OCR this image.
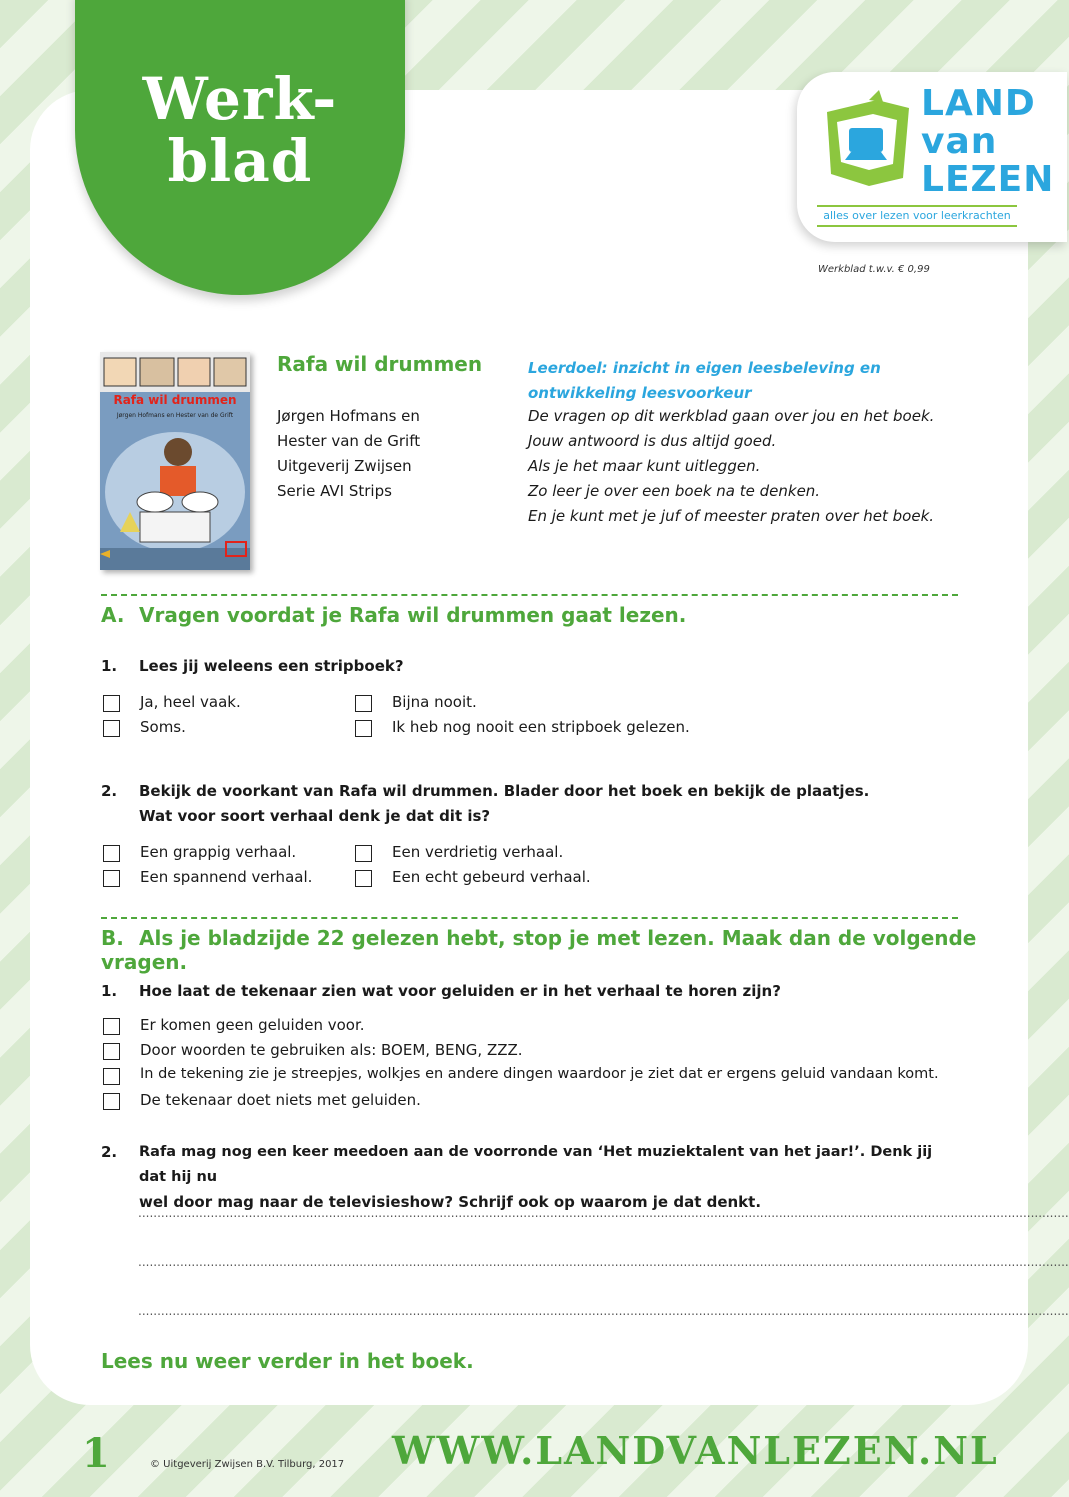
Werk-
blad
LAND
van
LEZEN
alles over lezen voor leerkrachten
Werkblad t.w.v. € 0,99
Rafa wil drummen
Jørgen Hofmans en Hester van de Grift
Rafa wil drummen
Jørgen Hofmans en
Hester van de Grift
Uitgeverij Zwijsen
Serie AVI Strips
Leerdoel: inzicht in eigen leesbeleving en ontwikkeling leesvoorkeur
De vragen op dit werkblad gaan over jou en het boek.
Jouw antwoord is dus altijd goed.
Als je het maar kunt uitleggen.
Zo leer je over een boek na te denken.
En je kunt met je juf of meester praten over het boek.
A. Vragen voordat je Rafa wil drummen gaat lezen.
1. Lees jij weleens een stripboek?
Ja, heel vaak.
Soms.
Bijna nooit.
Ik heb nog nooit een stripboek gelezen.
2. Bekijk de voorkant van Rafa wil drummen. Blader door het boek en bekijk de plaatjes.
Wat voor soort verhaal denk je dat dit is?
Een grappig verhaal.
Een spannend verhaal.
Een verdrietig verhaal.
Een echt gebeurd verhaal.
B. Als je bladzijde 22 gelezen hebt, stop je met lezen. Maak dan de volgende vragen.
1. Hoe laat de tekenaar zien wat voor geluiden er in het verhaal te horen zijn?
Er komen geen geluiden voor.
Door woorden te gebruiken als: BOEM, BENG, ZZZ.
In de tekening zie je streepjes, wolkjes en andere dingen waardoor je ziet dat er ergens geluid vandaan komt.
De tekenaar doet niets met geluiden.
2. Rafa mag nog een keer meedoen aan de voorronde van ‘Het muziektalent van het jaar!’. Denk jij dat hij nu
wel door mag naar de televisieshow? Schrijf ook op waarom je dat denkt.
....................................................................................................................................................................................................................................................
....................................................................................................................................................................................................................................................
....................................................................................................................................................................................................................................................
Lees nu weer verder in het boek.
1	© Uitgeverij Zwijsen B.V. Tilburg, 2017 WWW.LANDVANLEZEN.NL
